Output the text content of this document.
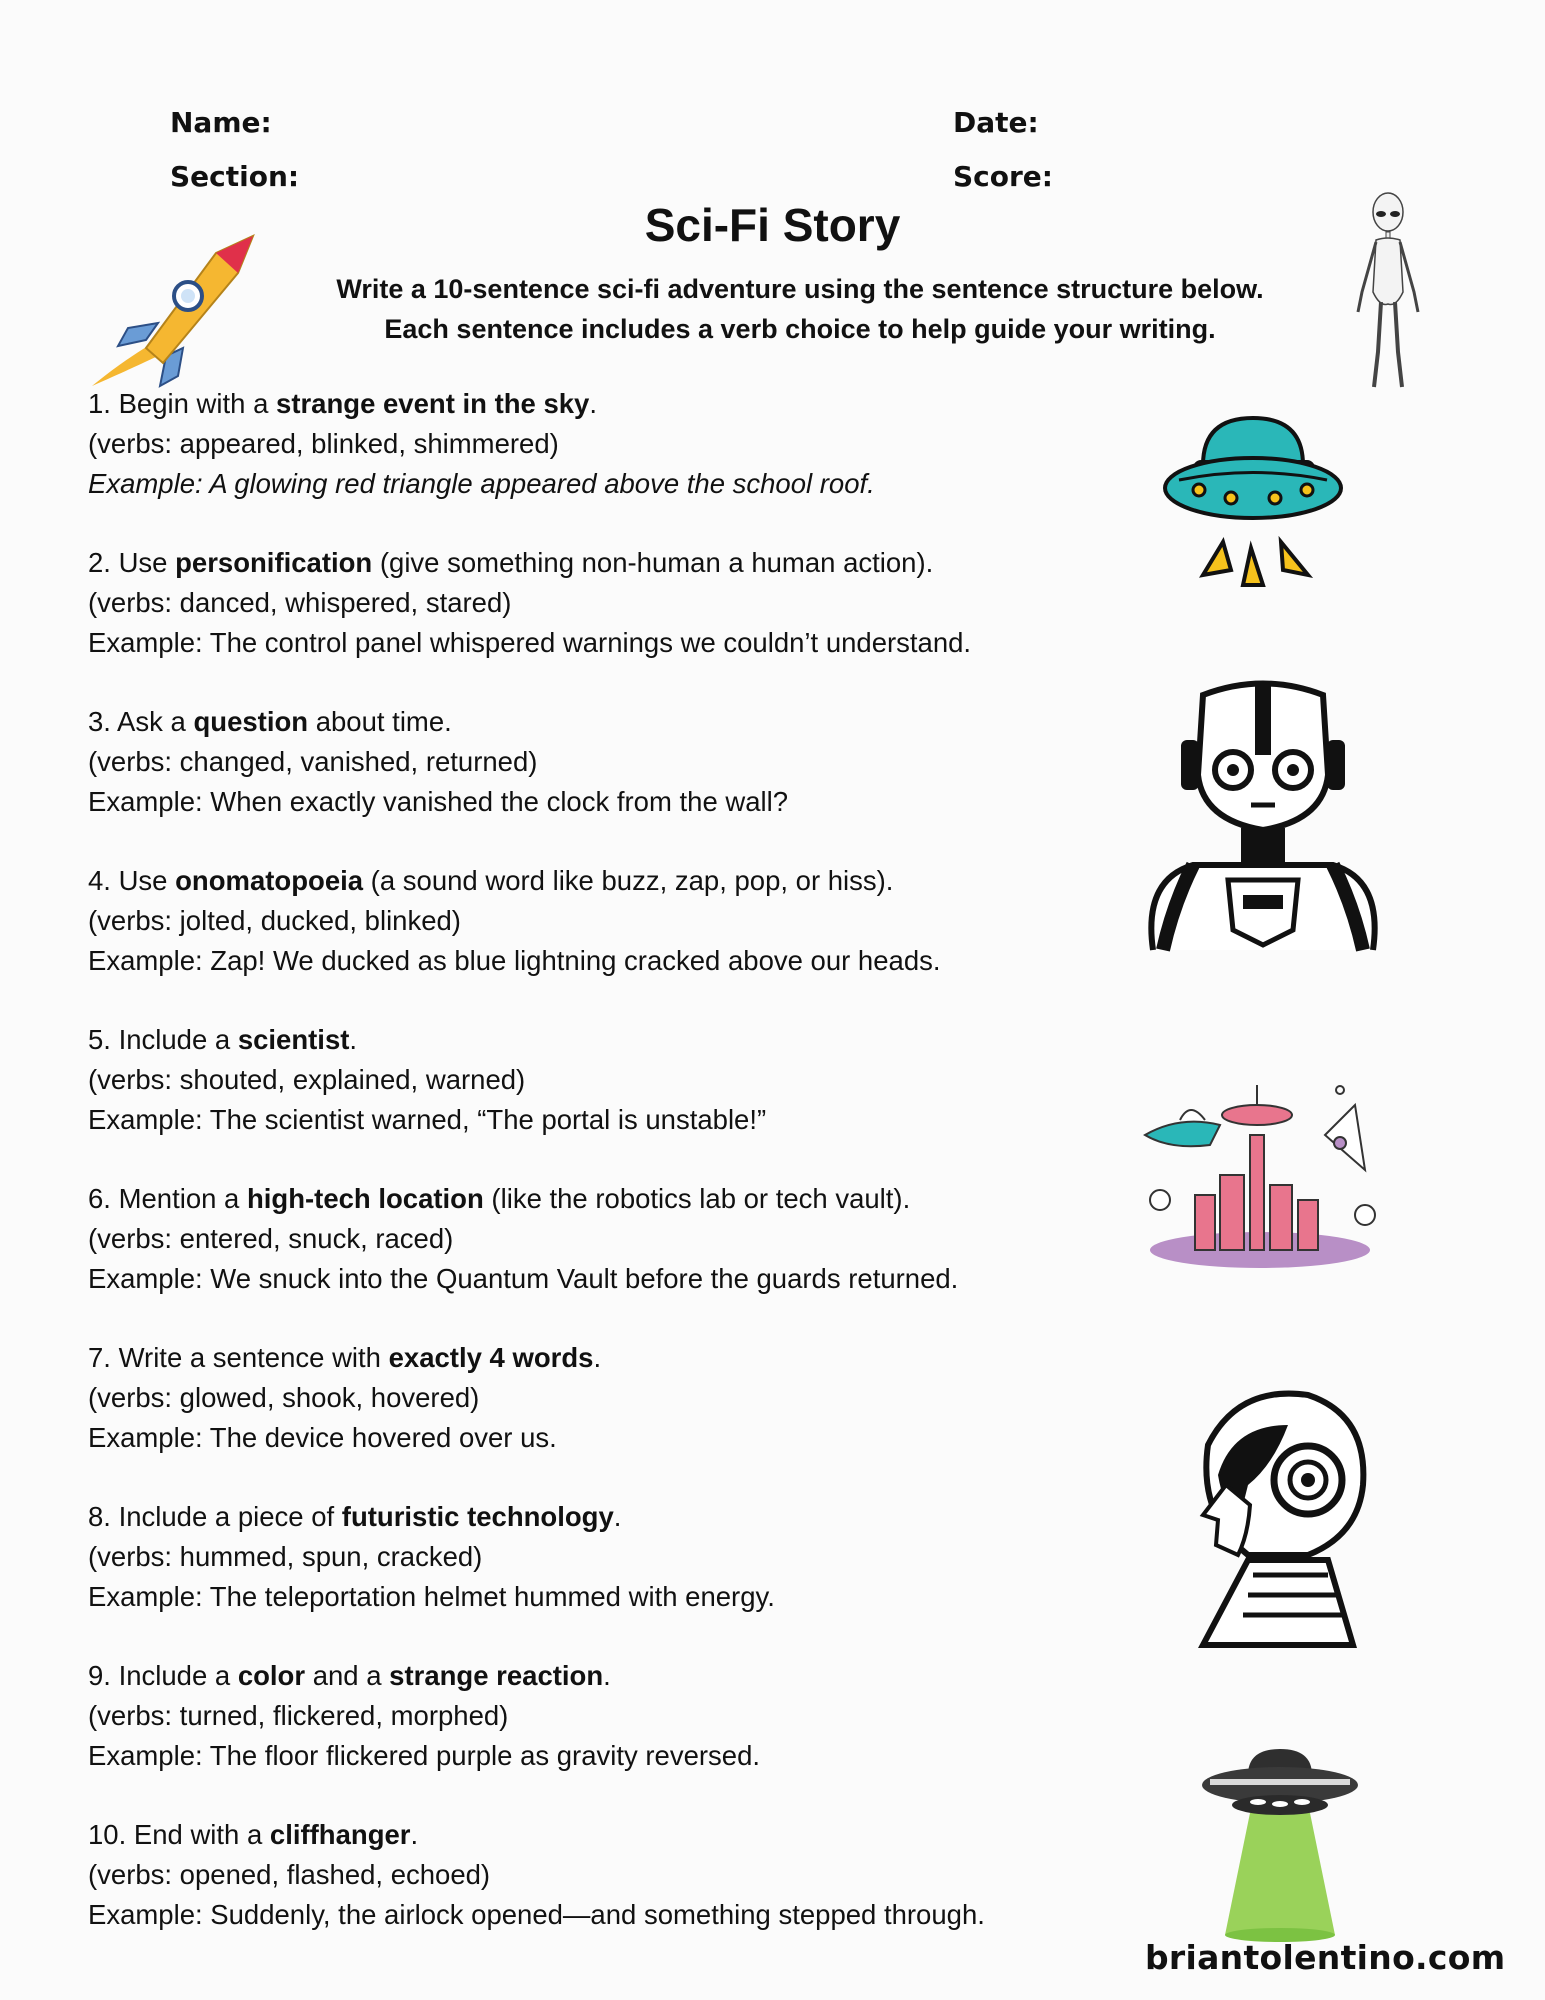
Name:	Date:
Section:	Score:
Sci-Fi Story
Write a 10-sentence sci-fi adventure using the sentence structure below.
Each sentence includes a verb choice to help guide your writing.
1. Begin with a strange event in the sky.
(verbs: appeared, blinked, shimmered)
Example: A glowing red triangle appeared above the school roof.
2. Use personification (give something non-human a human action).
(verbs: danced, whispered, stared)
Example: The control panel whispered warnings we couldn’t understand.
3. Ask a question about time.
(verbs: changed, vanished, returned)
Example: When exactly vanished the clock from the wall?
4. Use onomatopoeia (a sound word like buzz, zap, pop, or hiss).
(verbs: jolted, ducked, blinked)
Example: Zap! We ducked as blue lightning cracked above our heads.
5. Include a scientist.
(verbs: shouted, explained, warned)
Example: The scientist warned, “The portal is unstable!”
6. Mention a high-tech location (like the robotics lab or tech vault).
(verbs: entered, snuck, raced)
Example: We snuck into the Quantum Vault before the guards returned.
7. Write a sentence with exactly 4 words.
(verbs: glowed, shook, hovered)
Example: The device hovered over us.
8. Include a piece of futuristic technology.
(verbs: hummed, spun, cracked)
Example: The teleportation helmet hummed with energy.
9. Include a color and a strange reaction.
(verbs: turned, flickered, morphed)
Example: The floor flickered purple as gravity reversed.
10. End with a cliffhanger.
(verbs: opened, flashed, echoed)
Example: Suddenly, the airlock opened—and something stepped through.
briantolentino.com
